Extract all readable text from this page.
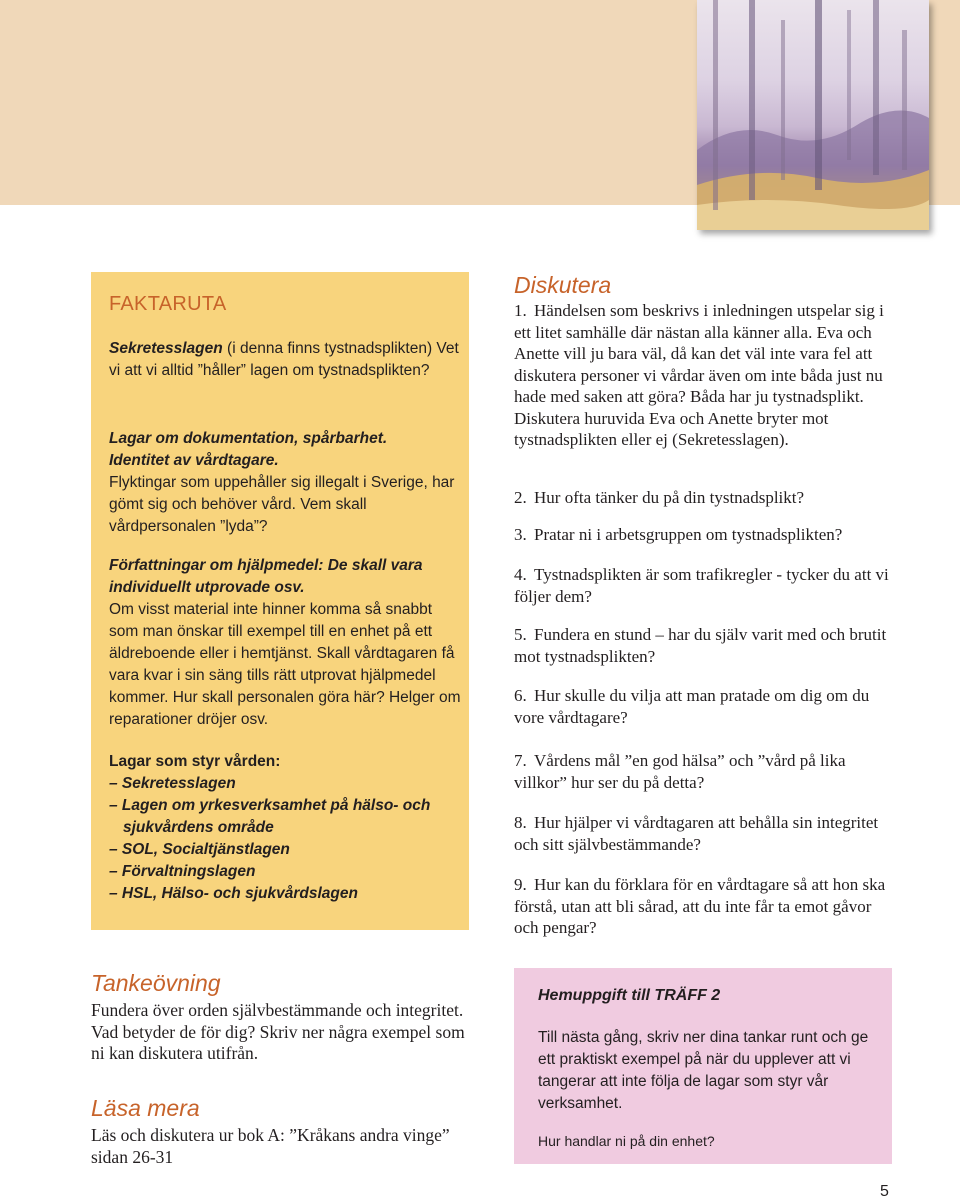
FAKTARUTA
Sekretesslagen (i denna finns tystnadsplikten) Vet vi att vi alltid ”håller” lagen om tystnadsplikten?
Lagar om dokumentation, spårbarhet.
Identitet av vårdtagare.
Flyktingar som uppehåller sig illegalt i Sverige, har gömt sig och behöver vård. Vem skall vårdpersonalen ”lyda”?
Författningar om hjälpmedel: De skall vara individuellt utprovade osv.
Om visst material inte hinner komma så snabbt som man önskar till exempel till en enhet på ett äldreboende eller i hemtjänst. Skall vårdtagaren få vara kvar i sin säng tills rätt utprovat hjälpmedel kommer. Hur skall personalen göra här? Helger om reparationer dröjer osv.
Lagar som styr vården:
– Sekretesslagen
– Lagen om yrkesverksamhet på hälso- och
sjukvårdens område
– SOL, Socialtjänstlagen
– Förvaltningslagen
– HSL, Hälso- och sjukvårdslagen
Diskutera
1. Händelsen som beskrivs i inledningen utspelar sig i ett litet samhälle där nästan alla känner alla. Eva och Anette vill ju bara väl, då kan det väl inte vara fel att diskutera personer vi vårdar även om inte båda just nu hade med saken att göra? Båda har ju tystnadsplikt. Diskutera huruvida Eva och Anette bryter mot tystnadsplikten eller ej (Sekretesslagen).
2. Hur ofta tänker du på din tystnadsplikt?
3. Pratar ni i arbetsgruppen om tystnadsplikten?
4. Tystnadsplikten är som trafikregler - tycker du att vi följer dem?
5. Fundera en stund – har du själv varit med och brutit mot tystnadsplikten?
6. Hur skulle du vilja att man pratade om dig om du vore vårdtagare?
7. Vårdens mål ”en god hälsa” och ”vård på lika villkor” hur ser du på detta?
8. Hur hjälper vi vårdtagaren att behålla sin integritet och sitt självbestämmande?
9. Hur kan du förklara för en vårdtagare så att hon ska förstå, utan att bli sårad, att du inte får ta emot gåvor och pengar?
Tankeövning
Fundera över orden självbestämmande och integritet. Vad betyder de för dig? Skriv ner några exempel som ni kan diskutera utifrån.
Läsa mera
Läs och diskutera ur bok A: ”Kråkans andra vinge” sidan 26-31
Hemuppgift till TRÄFF 2
Till nästa gång, skriv ner dina tankar runt och ge ett praktiskt exempel på när du upplever att vi tangerar att inte följa de lagar som styr vår verksamhet.
Hur handlar ni på din enhet?
5
